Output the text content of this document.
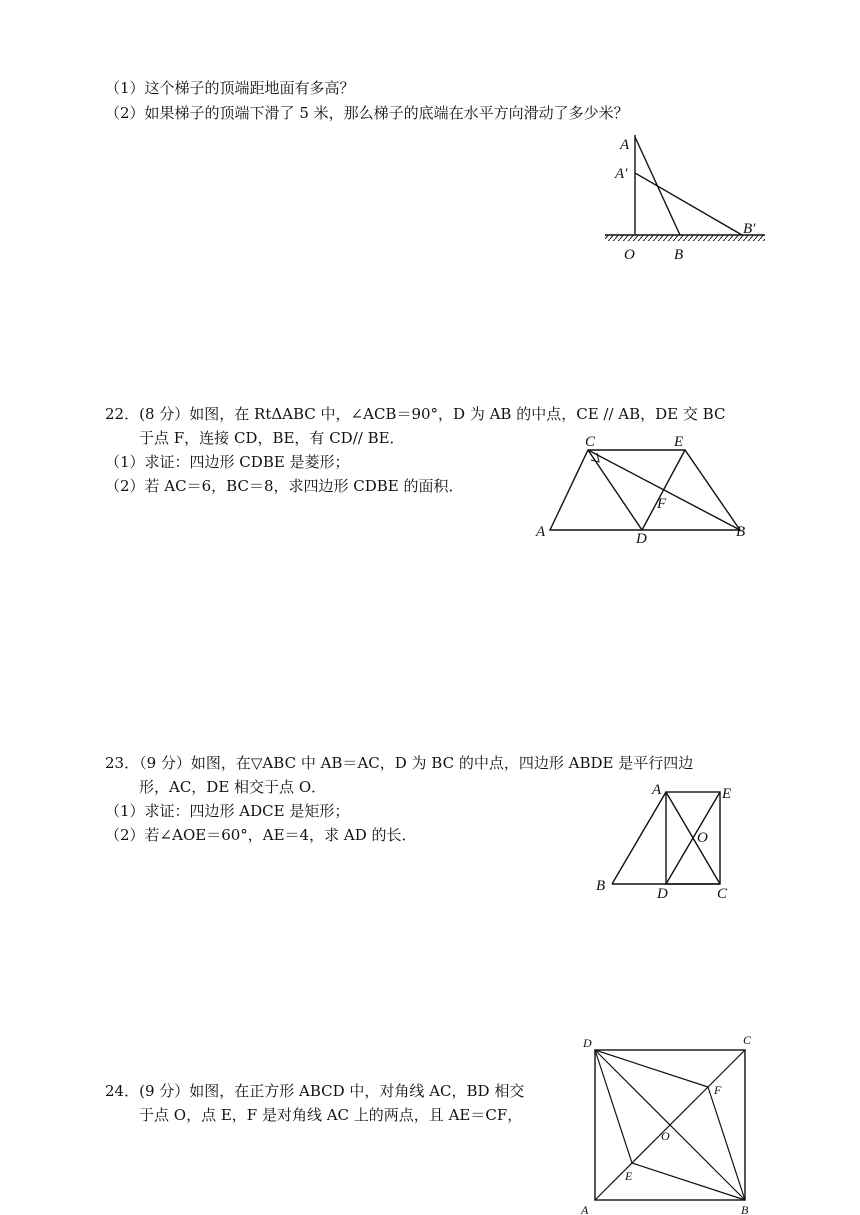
（1）这个梯子的顶端距地面有多高？
（2）如果梯子的顶端下滑了 5 米，那么梯子的底端在水平方向滑动了多少米？
A
A′
O	B
B′
22．(8 分）如图，在 RtΔABC 中，∠ACB＝90°，D 为 AB 的中点，CE // AB，DE 交 BC
于点 F，连接 CD，BE，有 CD// BE．
（1）求证：四边形 CDBE 是菱形；
（2）若 AC＝6，BC＝8，求四边形 CDBE 的面积．
A
C	E
F
D	B
23．（9 分）如图，在▽ABC 中 AB＝AC，D 为 BC 的中点，四边形 ABDE 是平行四边
形，AC，DE 相交于点 O．
（1）求证：四边形 ADCE 是矩形；
（2）若∠AOE＝60°，AE＝4，求 AD 的长．
A	E
O
B	D	C
24．(9 分）如图，在正方形 ABCD 中，对角线 AC，BD 相交
于点 O，点 E，F 是对角线 AC 上的两点，且 AE＝CF，
D	C
F
O
E
A	B
